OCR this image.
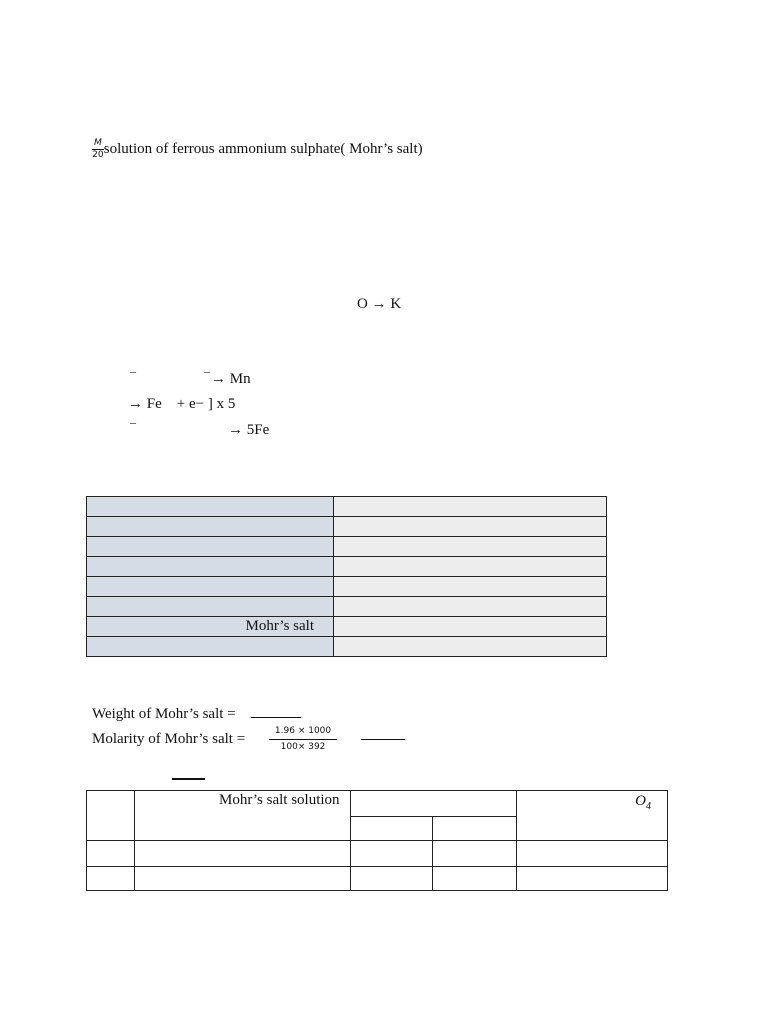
$\frac{M}{20}$ solution of ferrous ammonium sulphate( Mohr’s salt)
O → K
–	– → Mn
→ Fe    + e− ] x 5
–	→ 5Fe

Mohr’s salt	

Weight of Mohr’s salt =
Molarity of Mohr’s salt =	$\frac{1.96 \times 1000}{100\times 392}$

	Mohr’s salt solution			$O_4$
